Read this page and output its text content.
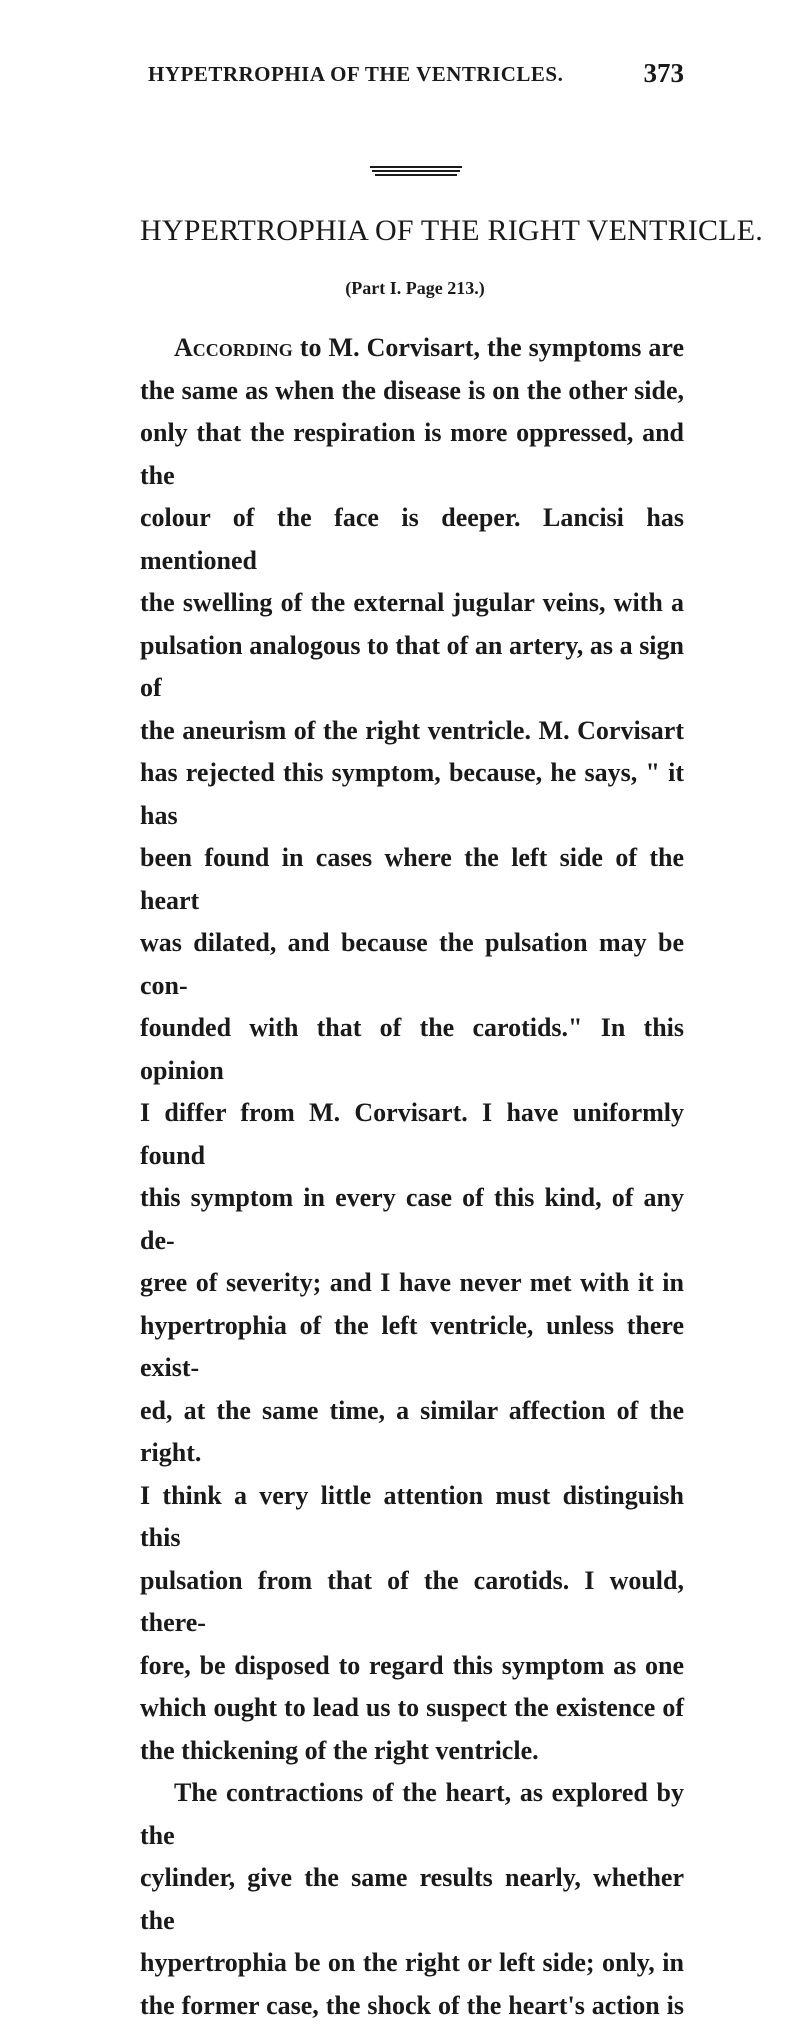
HYPETRROPHIA OF THE VENTRICLES.	373
HYPERTROPHIA OF THE RIGHT VENTRICLE.
(Part I. Page 213.)

According to M. Corvisart, the symptoms are

the same as when the disease is on the other side,

only that the respiration is more oppressed, and the

colour of the face is deeper. Lancisi has mentioned

the swelling of the external jugular veins, with a

pulsation analogous to that of an artery, as a sign of

the aneurism of the right ventricle. M. Corvisart

has rejected this symptom, because, he says, " it has

been found in cases where the left side of the heart

was dilated, and because the pulsation may be con-

founded with that of the carotids." In this opinion

I differ from M. Corvisart. I have uniformly found

this symptom in every case of this kind, of any de-

gree of severity; and I have never met with it in

hypertrophia of the left ventricle, unless there exist-

ed, at the same time, a similar affection of the right.

I think a very little attention must distinguish this

pulsation from that of the carotids. I would, there-

fore, be disposed to regard this symptom as one

which ought to lead us to suspect the existence of

the thickening of the right ventricle.

The contractions of the heart, as explored by the

cylinder, give the same results nearly, whether the

hypertrophia be on the right or left side; only, in

the former case, the shock of the heart's action is
